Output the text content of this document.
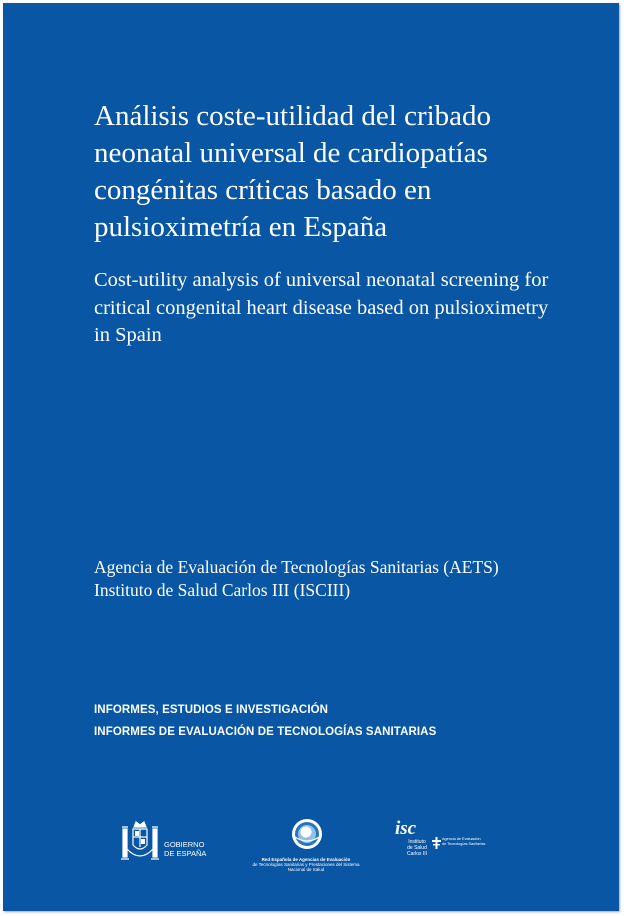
Análisis coste-utilidad del cribado neonatal universal de cardiopatías congénitas críticas basado en pulsioximetría en España
Cost-utility analysis of universal neonatal screening for critical congenital heart disease based on pulsioximetry in Spain
Agencia de Evaluación de Tecnologías Sanitarias (AETS)
Instituto de Salud Carlos III (ISCIII)
INFORMES, ESTUDIOS E INVESTIGACIÓN
INFORMES DE EVALUACIÓN DE TECNOLOGÍAS SANITARIAS
GOBIERNO
DE ESPAÑA
Red Española de Agencias de Evaluación
de Tecnologías Sanitarias y Prestaciones del Sistema Nacional de Salud
isc
Instituto
de Salud
Carlos III
Agencia de Evaluación
de Tecnologías Sanitarias
